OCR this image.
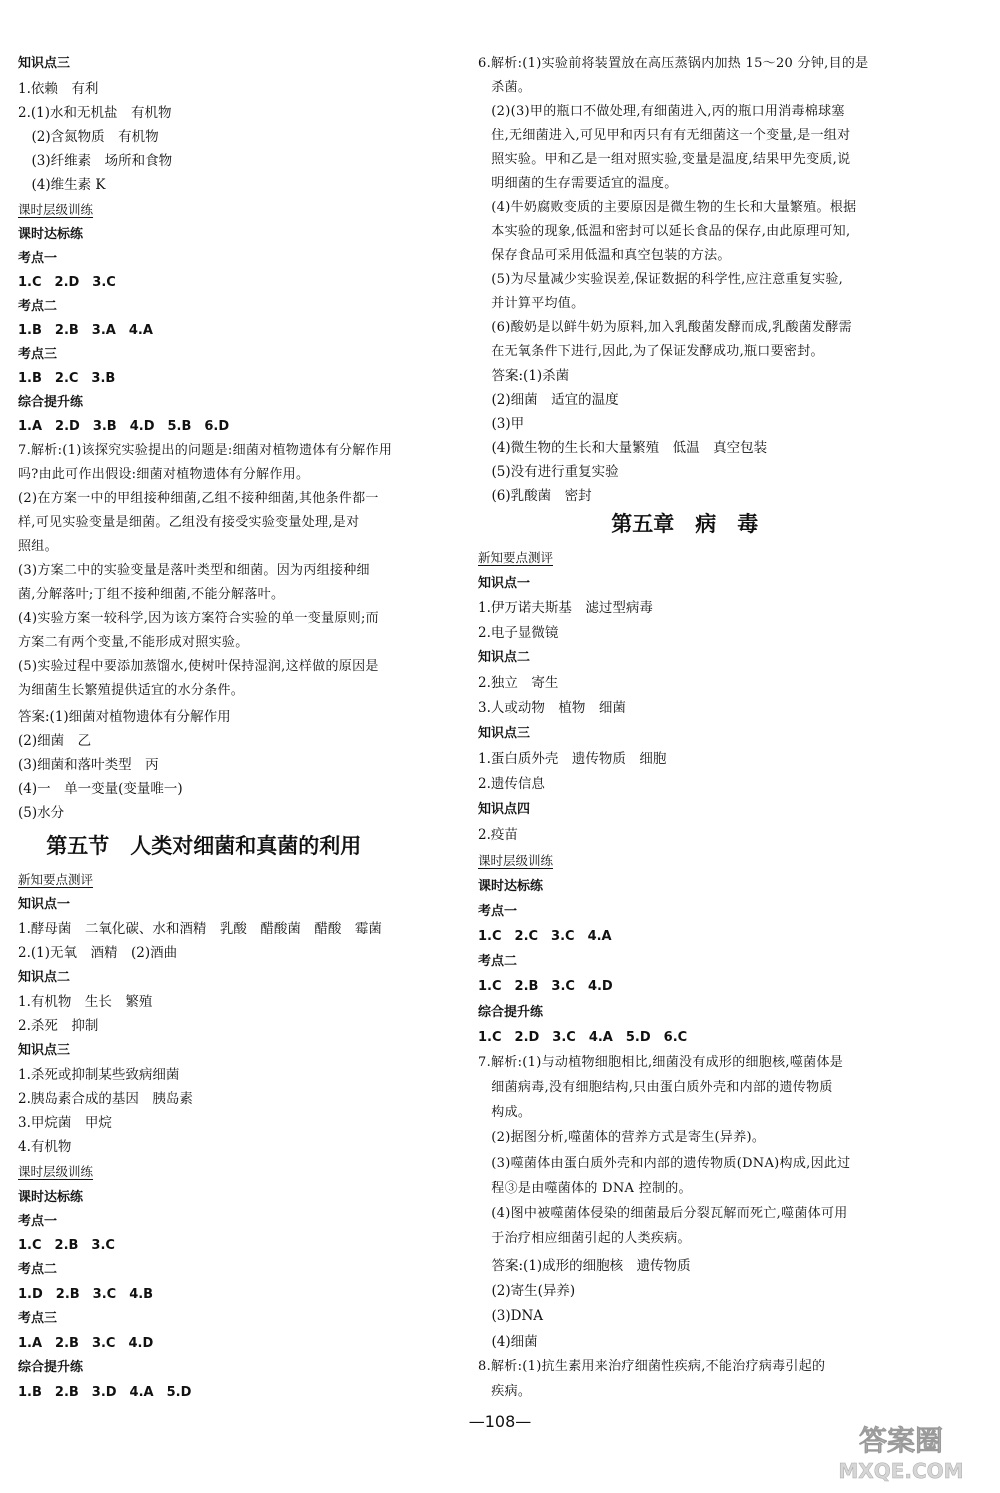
知识点三
1.依赖　有利
2.(1)水和无机盐　有机物
　(2)含氮物质　有机物
　(3)纤维素　场所和食物
　(4)维生素 K
课时层级训练
课时达标练
考点一
1.C　2.D　3.C
考点二
1.B　2.B　3.A　4.A
考点三
1.B　2.C　3.B
综合提升练
1.A　2.D　3.B　4.D　5.B　6.D
7.解析:(1)该探究实验提出的问题是:细菌对植物遗体有分解作用
吗?由此可作出假设:细菌对植物遗体有分解作用。
(2)在方案一中的甲组接种细菌,乙组不接种细菌,其他条件都一
样,可见实验变量是细菌。乙组没有接受实验变量处理,是对
照组。
(3)方案二中的实验变量是落叶类型和细菌。因为丙组接种细
菌,分解落叶;丁组不接种细菌,不能分解落叶。
(4)实验方案一较科学,因为该方案符合实验的单一变量原则;而
方案二有两个变量,不能形成对照实验。
(5)实验过程中要添加蒸馏水,使树叶保持湿润,这样做的原因是
为细菌生长繁殖提供适宜的水分条件。
答案:(1)细菌对植物遗体有分解作用
(2)细菌　乙
(3)细菌和落叶类型　丙
(4)一　单一变量(变量唯一)
(5)水分
　 第五节　人类对细菌和真菌的利用
新知要点测评
知识点一
1.酵母菌　二氧化碳、水和酒精　乳酸　醋酸菌　醋酸　霉菌
2.(1)无氧　酒精　(2)酒曲
知识点二
1.有机物　生长　繁殖
2.杀死　抑制
知识点三
1.杀死或抑制某些致病细菌
2.胰岛素合成的基因　胰岛素
3.甲烷菌　甲烷
4.有机物
课时层级训练
课时达标练
考点一
1.C　2.B　3.C
考点二
1.D　2.B　3.C　4.B
考点三
1.A　2.B　3.C　4.D
综合提升练
1.B　2.B　3.D　4.A　5.D
6.解析:(1)实验前将装置放在高压蒸锅内加热 15～20 分钟,目的是
　杀菌。
　(2)(3)甲的瓶口不做处理,有细菌进入,丙的瓶口用消毒棉球塞
　住,无细菌进入,可见甲和丙只有有无细菌这一个变量,是一组对
　照实验。甲和乙是一组对照实验,变量是温度,结果甲先变质,说
　明细菌的生存需要适宜的温度。
　(4)牛奶腐败变质的主要原因是微生物的生长和大量繁殖。根据
　本实验的现象,低温和密封可以延长食品的保存,由此原理可知,
　保存食品可采用低温和真空包装的方法。
　(5)为尽量减少实验误差,保证数据的科学性,应注意重复实验,
　并计算平均值。
　(6)酸奶是以鲜牛奶为原料,加入乳酸菌发酵而成,乳酸菌发酵需
　在无氧条件下进行,因此,为了保证发酵成功,瓶口要密封。
　答案:(1)杀菌
　(2)细菌　适宜的温度
　(3)甲
　(4)微生物的生长和大量繁殖　低温　真空包装
　(5)没有进行重复实验
　(6)乳酸菌　密封
　　　　　　 第五章　病　毒
新知要点测评
知识点一
1.伊万诺夫斯基　滤过型病毒
2.电子显微镜
知识点二
2.独立　寄生
3.人或动物　植物　细菌
知识点三
1.蛋白质外壳　遗传物质　细胞
2.遗传信息
知识点四
2.疫苗
课时层级训练
课时达标练
考点一
1.C　2.C　3.C　4.A
考点二
1.C　2.B　3.C　4.D
综合提升练
1.C　2.D　3.C　4.A　5.D　6.C
7.解析:(1)与动植物细胞相比,细菌没有成形的细胞核,噬菌体是
　细菌病毒,没有细胞结构,只由蛋白质外壳和内部的遗传物质
　构成。
　(2)据图分析,噬菌体的营养方式是寄生(异养)。
　(3)噬菌体由蛋白质外壳和内部的遗传物质(DNA)构成,因此过
　程③是由噬菌体的 DNA 控制的。
　(4)图中被噬菌体侵染的细菌最后分裂瓦解而死亡,噬菌体可用
　于治疗相应细菌引起的人类疾病。
　答案:(1)成形的细胞核　遗传物质
　(2)寄生(异养)
　(3)DNA
　(4)细菌
8.解析:(1)抗生素用来治疗细菌性疾病,不能治疗病毒引起的
　疾病。
—108—
答案圈
MXQE.COM
